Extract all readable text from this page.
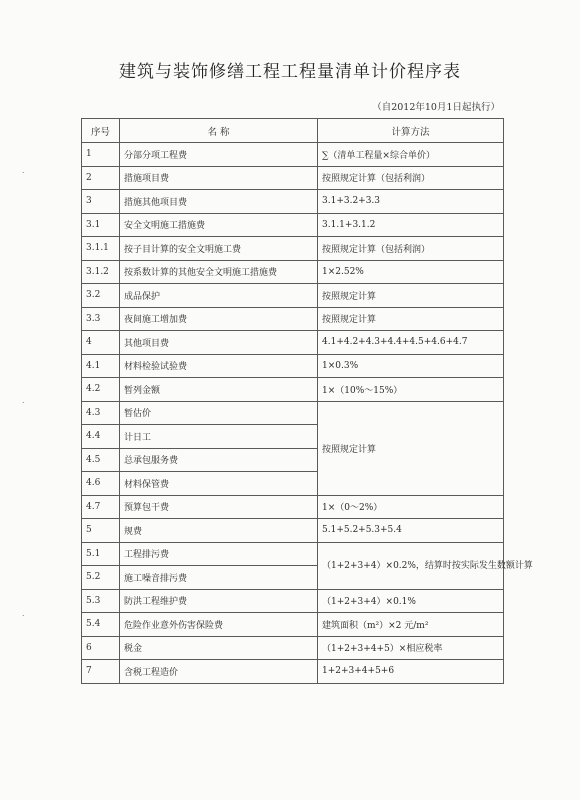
建筑与装饰修缮工程工程量清单计价程序表
（自2012年10月1日起执行）
˙
˙
˙
序号	名 称	计算方法
1	分部分项工程费	∑（清单工程量×综合单价）
2	措施项目费	按照规定计算（包括利润）
3	措施其他项目费	3.1+3.2+3.3
3.1	安全文明施工措施费	3.1.1+3.1.2
3.1.1	按子目计算的安全文明施工费	按照规定计算（包括利润）
3.1.2	按系数计算的其他安全文明施工措施费	1×2.52%
3.2	成品保护	按照规定计算
3.3	夜间施工增加费	按照规定计算
4	其他项目费	4.1+4.2+4.3+4.4+4.5+4.6+4.7
4.1	材料检验试验费	1×0.3%
4.2	暂列金额	1×（10%～15%）
4.3	暂估价	按照规定计算
4.4	计日工	
4.5	总承包服务费	
4.6	材料保管费	
4.7	预算包干费	1×（0～2%）
5	规费	5.1+5.2+5.3+5.4
5.1	工程排污费	（1+2+3+4）×0.2%，结算时按实际发生数额计算
5.2	施工噪音排污费	
5.3	防洪工程维护费	（1+2+3+4）×0.1%
5.4	危险作业意外伤害保险费	建筑面积（m²）×2 元/m²
6	税金	（1+2+3+4+5）×相应税率
7	含税工程造价	1+2+3+4+5+6
